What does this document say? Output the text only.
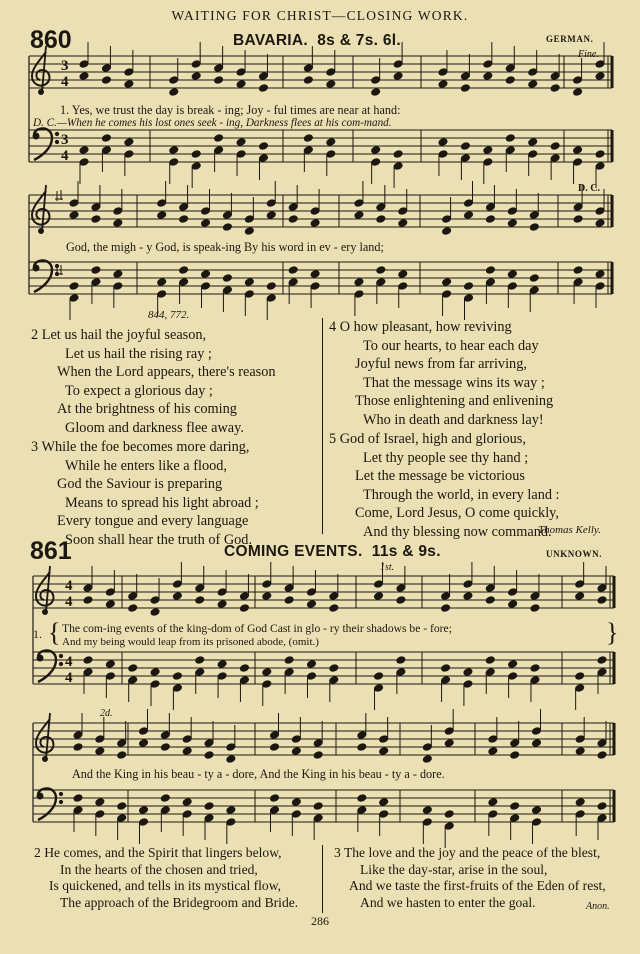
WAITING FOR CHRIST—CLOSING WORK.
860	BAVARIA. 8s & 7s. 6l.	GERMAN.
Fine.
D. C.
3
4
3
4
4
4
4
4
1. Yes, we trust the day is break - ing; Joy - ful times are near at hand:
D. C.—When he comes his lost ones seek - ing, Darkness flees at his com-mand.
God, the migh - y God, is speak-ing By his word in ev - ery land;
844, 772.
2 Let us hail the joyful season,
Let us hail the rising ray ;
When the Lord appears, there's reason
To expect a glorious day ;
At the brightness of his coming
Gloom and darkness flee away.
3 While the foe becomes more daring,
While he enters like a flood,
God the Saviour is preparing
Means to spread his light abroad ;
Every tongue and every language
Soon shall hear the truth of God.
4 O how pleasant, how reviving
To our hearts, to hear each day
Joyful news from far arriving,
That the message wins its way ;
Those enlightening and enlivening
Who in death and darkness lay!
5 God of Israel, high and glorious,
Let thy people see thy hand ;
Let the message be victorious
Through the world, in every land :
Come, Lord Jesus, O come quickly,
And thy blessing now command.
Thomas Kelly.
861	COMING EVENTS. 11s & 9s.	UNKNOWN.
1st.
2d.
1. { The com-ing events of the king-dom of God Cast in glo - ry their shadows be - fore;
And my being would leap from its prisoned abode, (omit.)	}
And the King in his beau - ty a - dore, And the King in his beau - ty a - dore.
2 He comes, and the Spirit that lingers below,
In the hearts of the chosen and tried,
Is quickened, and tells in its mystical flow,
The approach of the Bridegroom and Bride.
3 The love and the joy and the peace of the blest,
Like the day-star, arise in the soul,
And we taste the first-fruits of the Eden of rest,
And we hasten to enter the goal.	Anon.
286
